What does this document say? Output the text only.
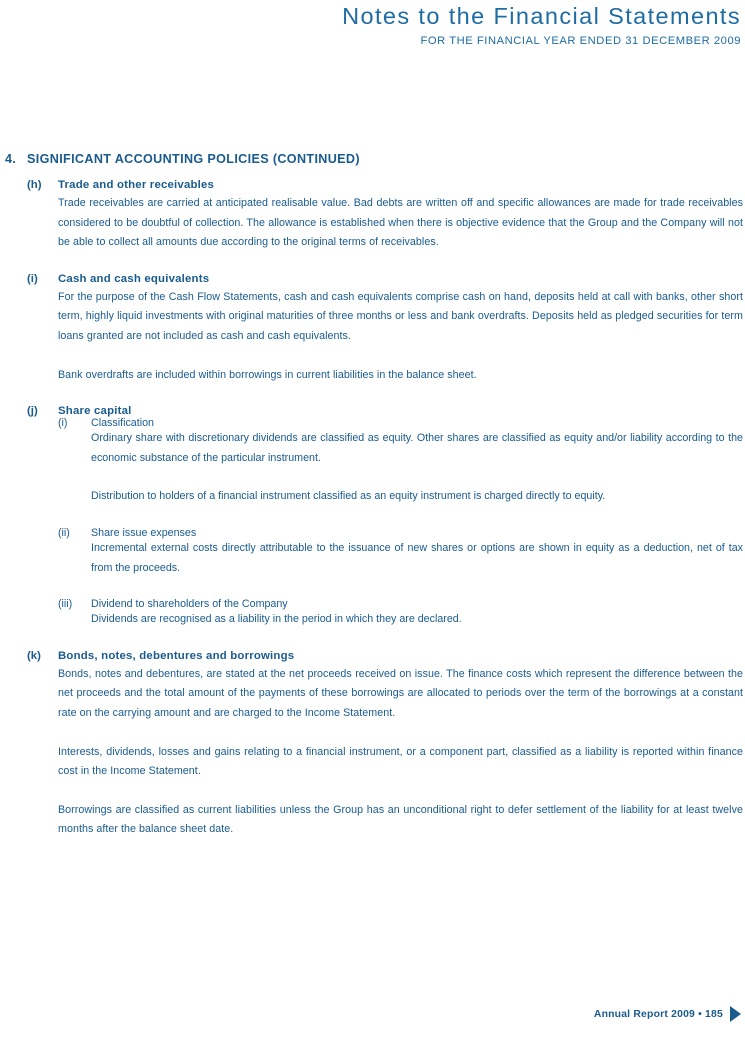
Notes to the Financial Statements
FOR THE FINANCIAL YEAR ENDED 31 DECEMBER 2009
4. SIGNIFICANT ACCOUNTING POLICIES (CONTINUED)
(h)	Trade and other receivables
Trade receivables are carried at anticipated realisable value. Bad debts are written off and specific allowances are made for trade receivables considered to be doubtful of collection. The allowance is established when there is objective evidence that the Group and the Company will not be able to collect all amounts due according to the original terms of receivables.
(i)	Cash and cash equivalents
For the purpose of the Cash Flow Statements, cash and cash equivalents comprise cash on hand, deposits held at call with banks, other short term, highly liquid investments with original maturities of three months or less and bank overdrafts. Deposits held as pledged securities for term loans granted are not included as cash and cash equivalents.
Bank overdrafts are included within borrowings in current liabilities in the balance sheet.
(j)	Share capital
(i)	Classification
Ordinary share with discretionary dividends are classified as equity. Other shares are classified as equity and/or liability according to the economic substance of the particular instrument.
Distribution to holders of a financial instrument classified as an equity instrument is charged directly to equity.
(ii)	Share issue expenses
Incremental external costs directly attributable to the issuance of new shares or options are shown in equity as a deduction, net of tax from the proceeds.
(iii)	Dividend to shareholders of the Company
Dividends are recognised as a liability in the period in which they are declared.
(k)	Bonds, notes, debentures and borrowings
Bonds, notes and debentures, are stated at the net proceeds received on issue. The finance costs which represent the difference between the net proceeds and the total amount of the payments of these borrowings are allocated to periods over the term of the borrowings at a constant rate on the carrying amount and are charged to the Income Statement.
Interests, dividends, losses and gains relating to a financial instrument, or a component part, classified as a liability is reported within finance cost in the Income Statement.
Borrowings are classified as current liabilities unless the Group has an unconditional right to defer settlement of the liability for at least twelve months after the balance sheet date.
Annual Report 2009 • 185
